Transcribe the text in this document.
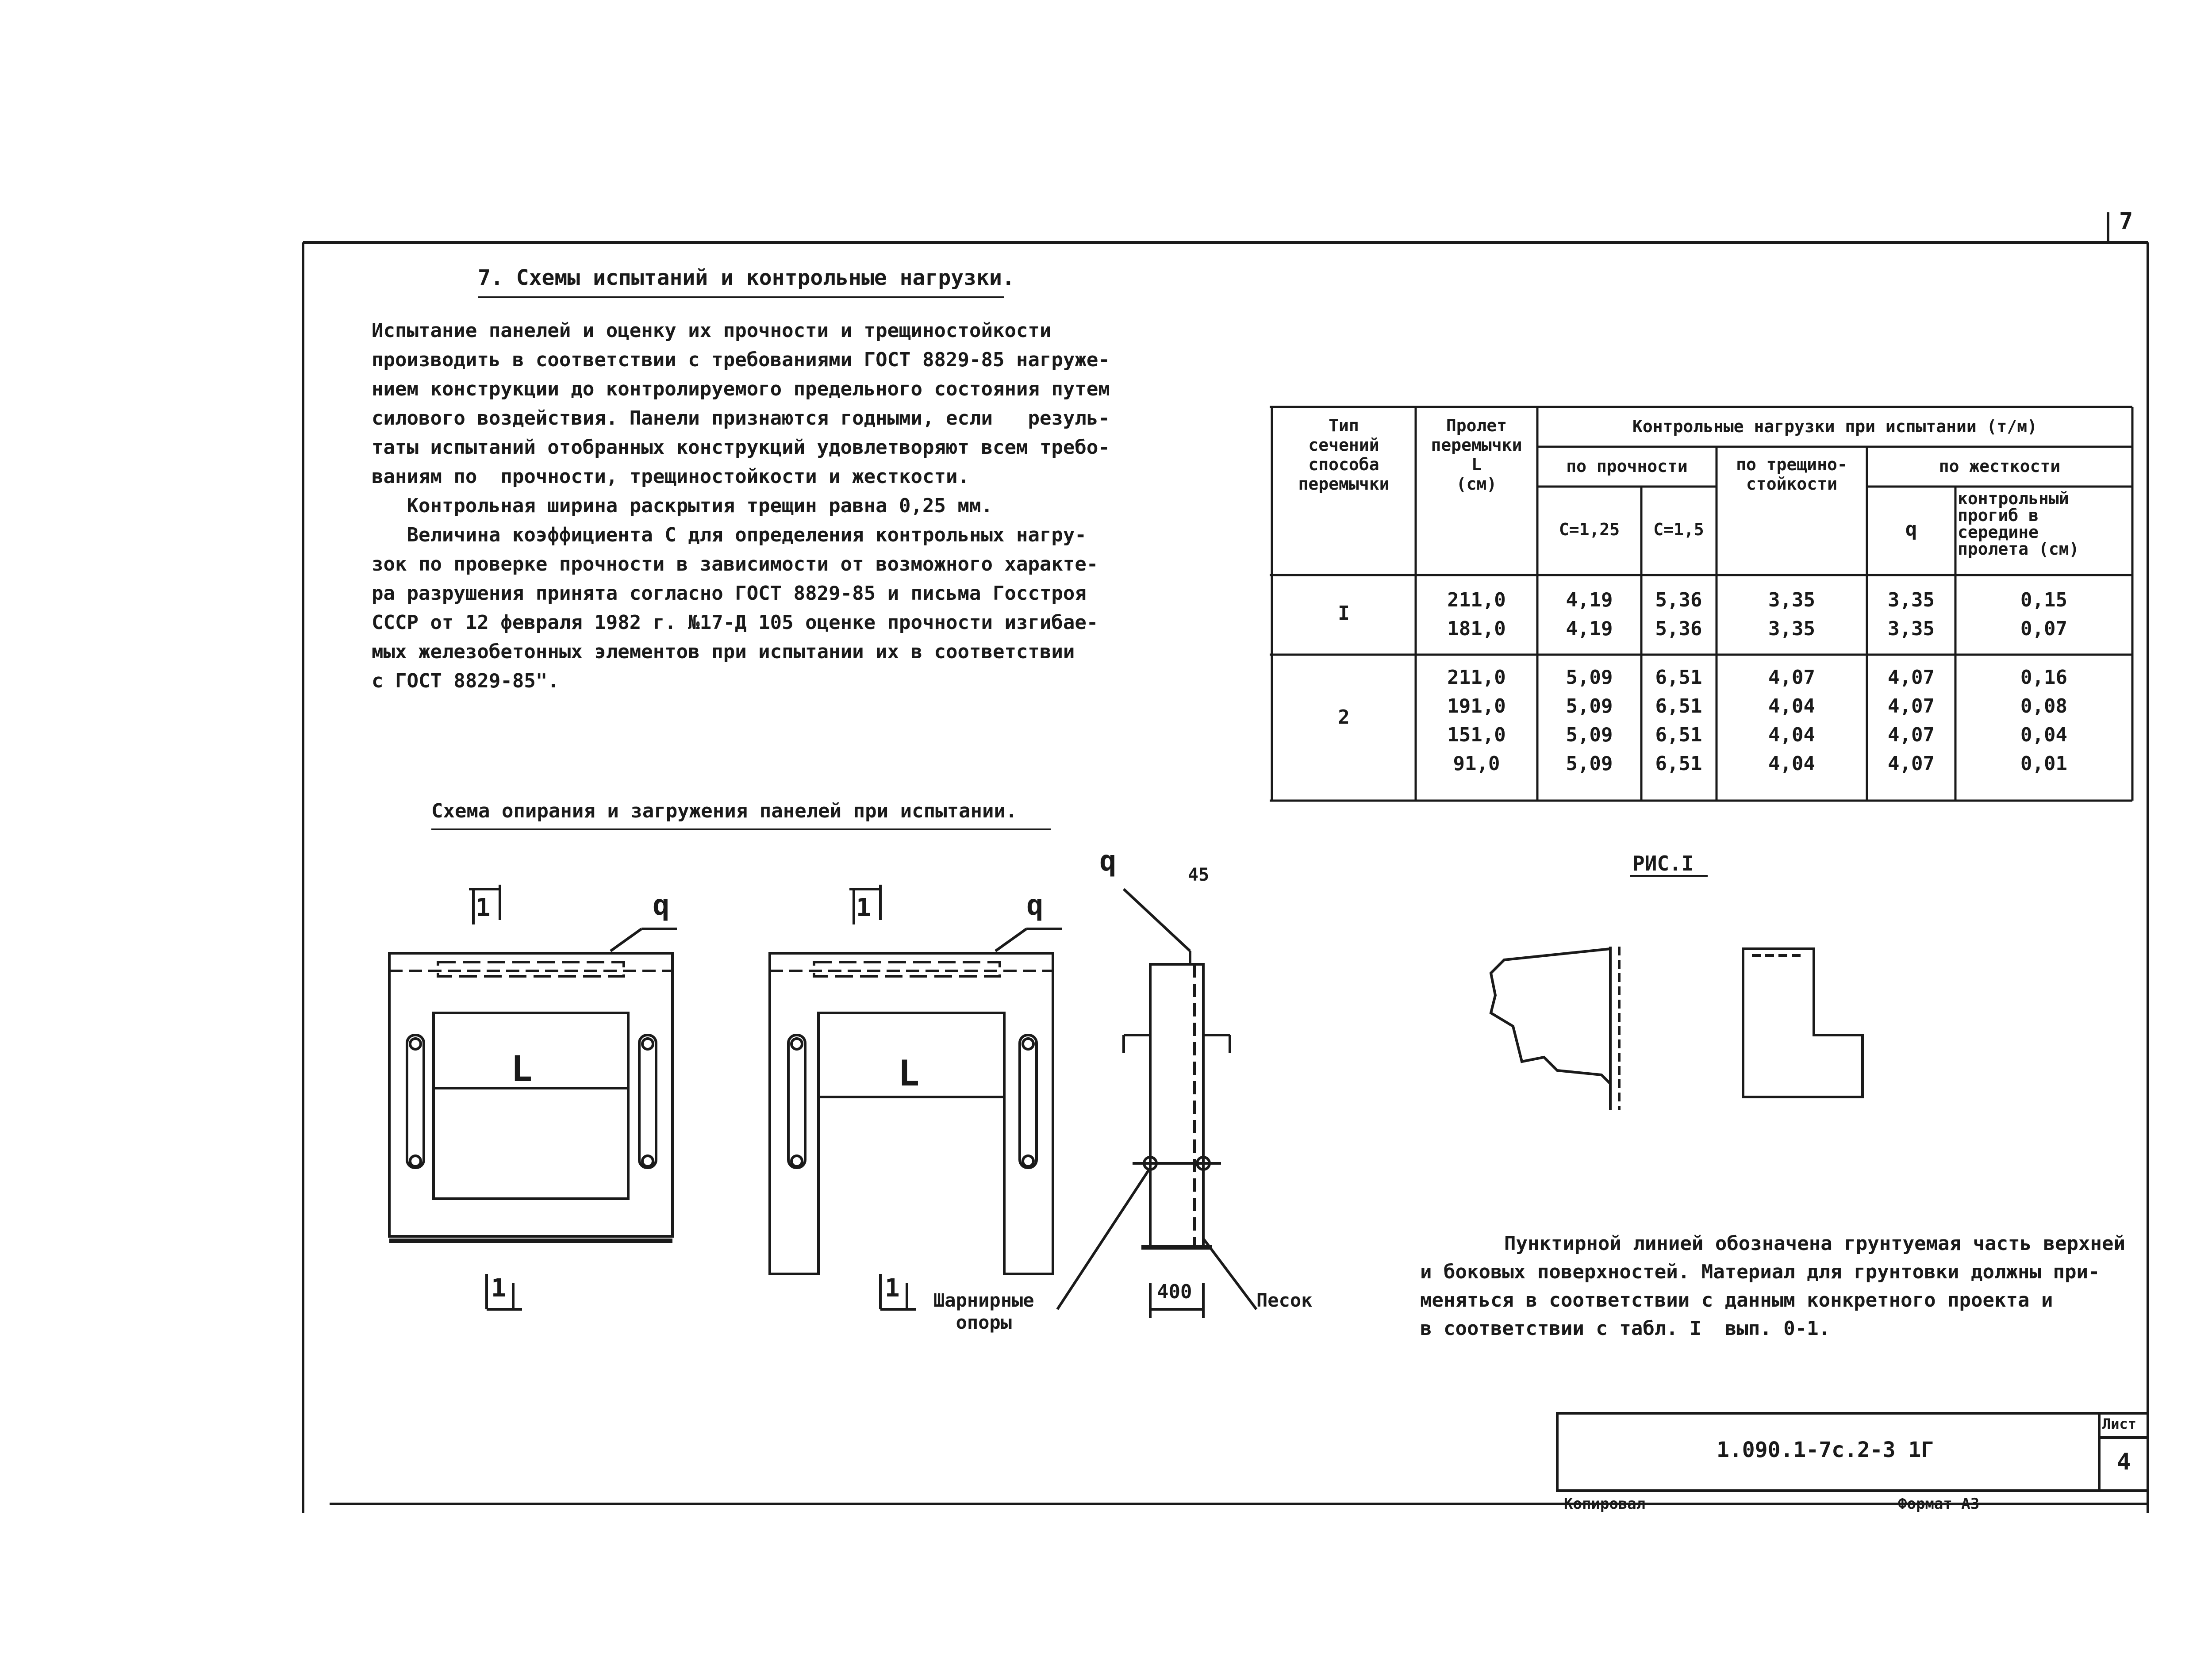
7
7. Схемы испытаний и контрольные нагрузки.
Испытание панелей и оценку их прочности и трещиностойкости
производить в соответствии с требованиями ГОСТ 8829-85 нагруже-
нием конструкции до контролируемого предельного состояния путем
силового воздействия. Панели признаются годными, если   резуль-
таты испытаний отобранных конструкций удовлетворяют всем требо-
ваниям по  прочности, трещиностойкости и жесткости.
Контрольная ширина раскрытия трещин равна 0,25 мм.
Величина коэффициента С для определения контрольных нагру-
зок по проверке прочности в зависимости от возможного характе-
ра разрушения принята согласно ГОСТ 8829-85 и письма Госстроя
СССР от 12 февраля 1982 г. №17-Д 105 оценке прочности изгибае-
мых железобетонных элементов при испытании их в соответствии
с ГОСТ 8829-85".
Схема опирания и загружения панелей при испытании.
Тип
сечений
способа
перемычки
Пролет
перемычки
L
(см)
Контрольные нагрузки при испытании (т/м)
по прочности
С=1,25	С=1,5
по трещино-
стойкости
по жесткости
q
контрольный
прогиб в
середине
пролета (см)
I
211,0	4,19	5,36	3,35	3,35	0,15
181,0	4,19	5,36	3,35	3,35	0,07
2
211,0	5,09	6,51	4,07	4,07	0,16
191,0	5,09	6,51	4,04	4,07	0,08
151,0	5,09	6,51	4,04	4,07	0,04
91,0	5,09	6,51	4,04	4,07	0,01
РИС.I
q	q
q
L	L
45
400
Шарнирные
опоры
Песок
1	1
1	1
Пунктирной линией обозначена грунтуемая часть верхней
и боковых поверхностей. Материал для грунтовки должны при-
меняться в соответствии с данным конкретного проекта и
в соответствии с табл. I  вып. 0-1.
1.090.1-7с.2-3 1Г
Лист
4
Копировал	Формат А3
